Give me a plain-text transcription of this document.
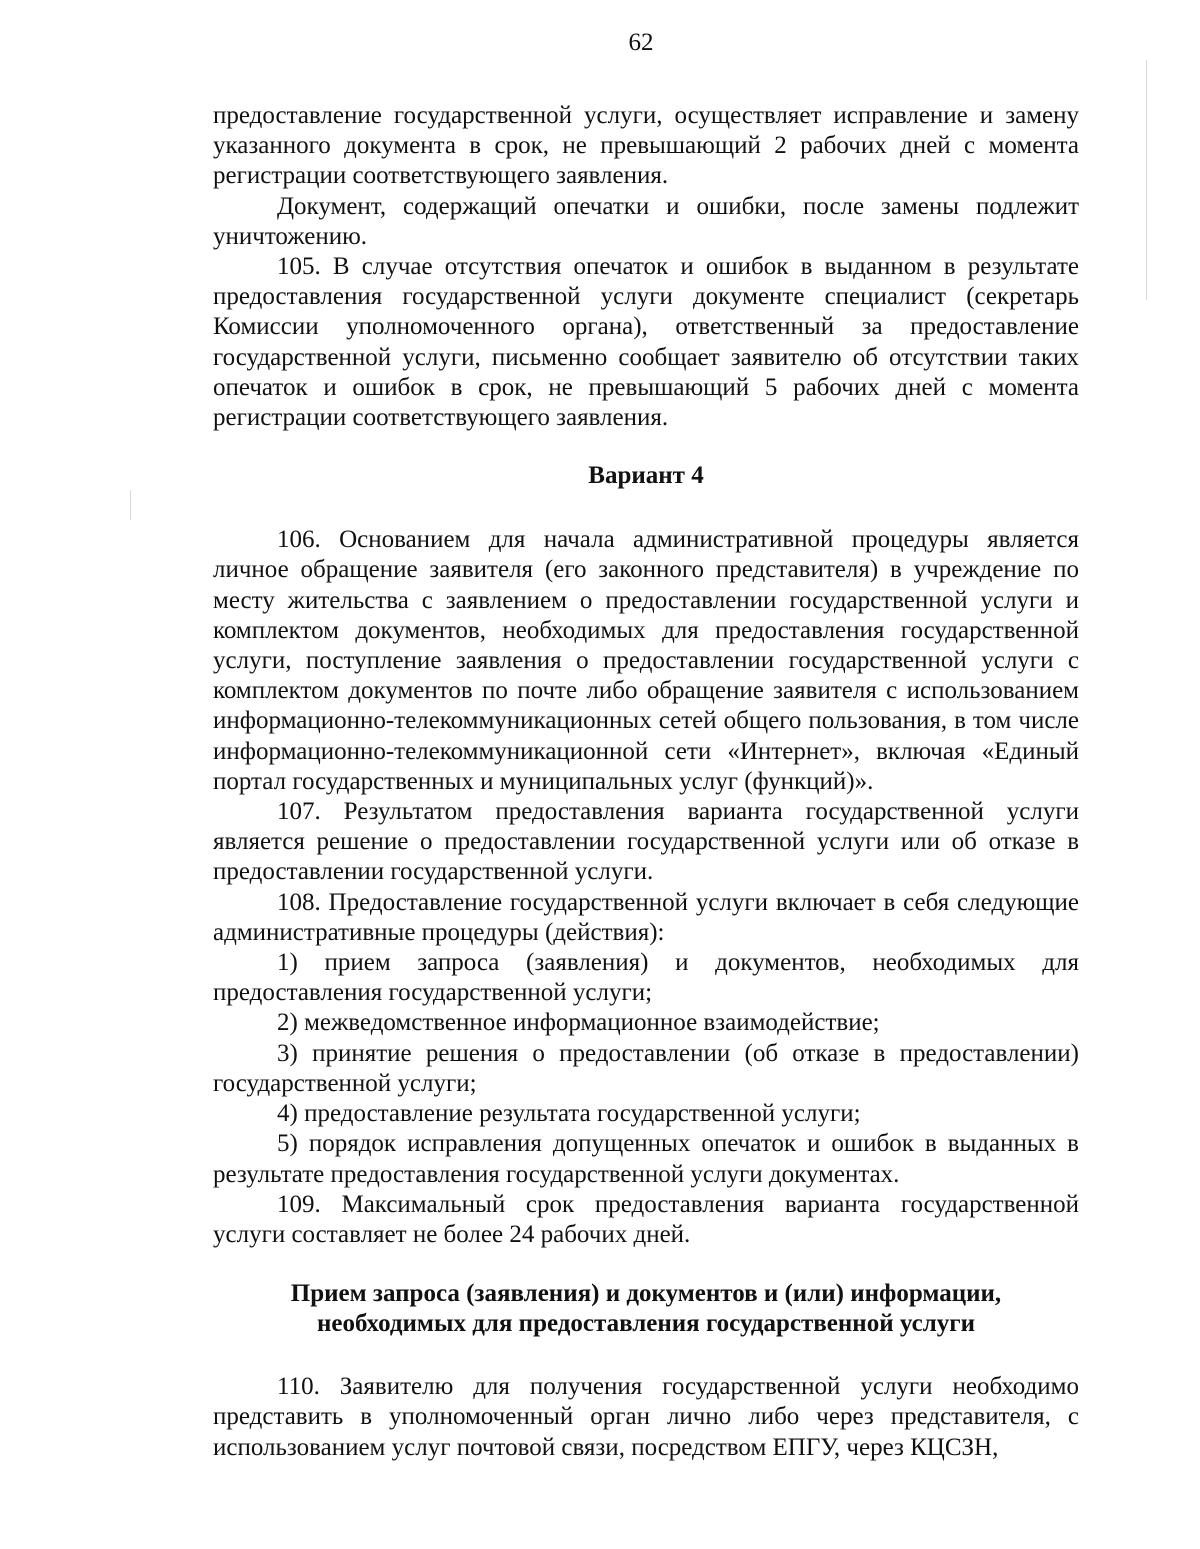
62

предоставление государственной услуги, осуществляет исправление и замену указанного документа в срок, не превышающий 2 рабочих дней с момента регистрации соответствующего заявления.

Документ, содержащий опечатки и ошибки, после замены подлежит уничтожению.

105. В случае отсутствия опечаток и ошибок в выданном в результате предоставления государственной услуги документе специалист (секретарь Комиссии уполномоченного органа), ответственный за предоставление государственной услуги, письменно сообщает заявителю об отсутствии таких опечаток и ошибок в срок, не превышающий 5 рабочих дней с момента регистрации соответствующего заявления.

Вариант 4

106. Основанием для начала административной процедуры является личное обращение заявителя (его законного представителя) в учреждение по месту жительства с заявлением о предоставлении государственной услуги и комплектом документов, необходимых для предоставления государственной услуги, поступление заявления о предоставлении государственной услуги с комплектом документов по почте либо обращение заявителя с использованием информационно-телекоммуникационных сетей общего пользования, в том числе информационно-телекоммуникационной сети «Интернет», включая «Единый портал государственных и муниципальных услуг (функций)».

107. Результатом предоставления варианта государственной услуги является решение о предоставлении государственной услуги или об отказе в предоставлении государственной услуги.

108. Предоставление государственной услуги включает в себя следующие административные процедуры (действия):

1) прием запроса (заявления) и документов, необходимых для предоставления государственной услуги;

2) межведомственное информационное взаимодействие;

3) принятие решения о предоставлении (об отказе в предоставлении) государственной услуги;

4) предоставление результата государственной услуги;

5) порядок исправления допущенных опечаток и ошибок в выданных в результате предоставления государственной услуги документах.

109. Максимальный срок предоставления варианта государственной услуги составляет не более 24 рабочих дней.

Прием запроса (заявления) и документов и (или) информации,
необходимых для предоставления государственной услуги

110. Заявителю для получения государственной услуги необходимо представить в уполномоченный орган лично либо через представителя, с использованием услуг почтовой связи, посредством ЕПГУ, через КЦСЗН,
